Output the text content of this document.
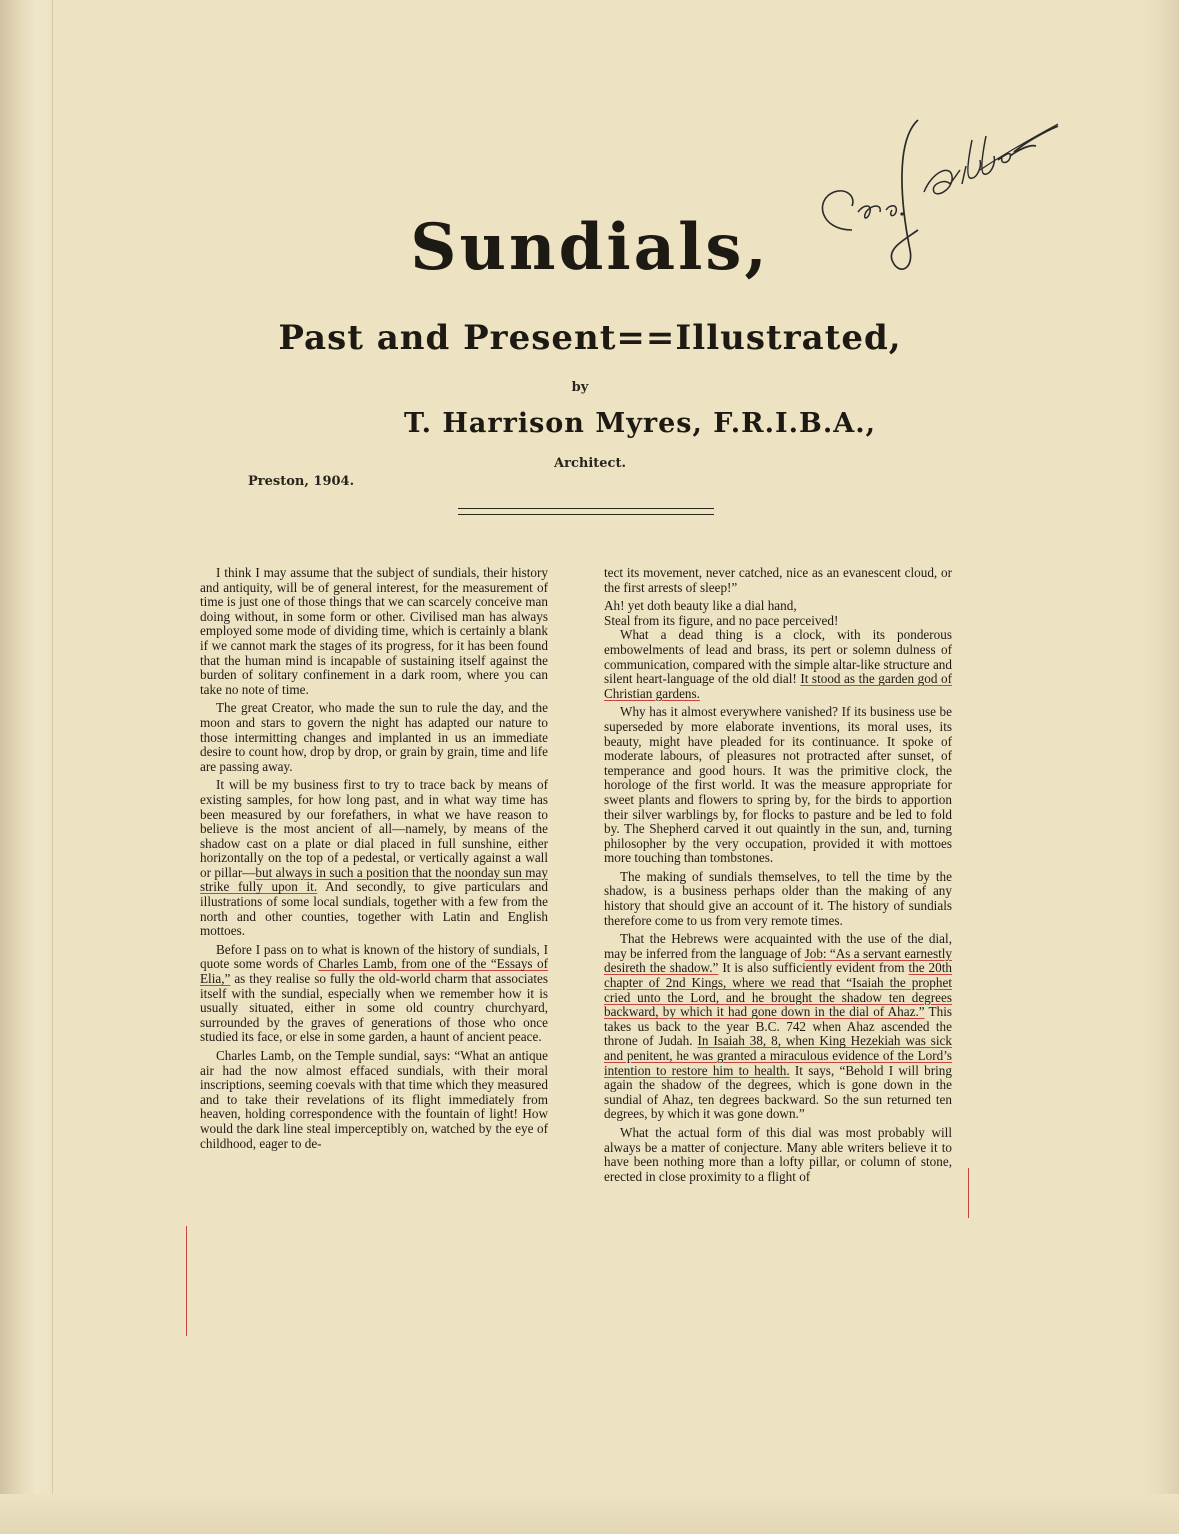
Sundials,
Past and Present==Illustrated,
by
T. Harrison Myres, F.R.I.B.A.,
Architect.
Preston, 1904.

I think I may assume that the subject of sundials, their history and antiquity, will be of general interest, for the measurement of time is just one of those things that we can scarcely conceive man doing without, in some form or other. Civilised man has always employed some mode of dividing time, which is certainly a blank if we cannot mark the stages of its progress, for it has been found that the human mind is incapable of sustaining itself against the burden of solitary confinement in a dark room, where you can take no note of time.

The great Creator, who made the sun to rule the day, and the moon and stars to govern the night has adapted our nature to those intermitting changes and implanted in us an immediate desire to count how, drop by drop, or grain by grain, time and life are passing away.

It will be my business first to try to trace back by means of existing samples, for how long past, and in what way time has been measured by our forefathers, in what we have reason to believe is the most ancient of all—namely, by means of the shadow cast on a plate or dial placed in full sunshine, either horizontally on the top of a pedestal, or vertically against a wall or pillar—but always in such a position that the noonday sun may strike fully upon it. And secondly, to give particulars and illustrations of some local sundials, together with a few from the north and other counties, together with Latin and English mottoes.

Before I pass on to what is known of the history of sundials, I quote some words of Charles Lamb, from one of the “Essays of Elia,” as they realise so fully the old-world charm that associates itself with the sundial, especially when we remember how it is usually situated, either in some old country churchyard, surrounded by the graves of generations of those who once studied its face, or else in some garden, a haunt of ancient peace.

Charles Lamb, on the Temple sundial, says: “What an antique air had the now almost effaced sundials, with their moral inscriptions, seeming coevals with that time which they measured and to take their revelations of its flight immediately from heaven, holding correspondence with the fountain of light! How would the dark line steal imperceptibly on, watched by the eye of childhood, eager to de-

tect its movement, never catched, nice as an evanescent cloud, or the first arrests of sleep!”

Ah! yet doth beauty like a dial hand,

Steal from its figure, and no pace perceived!

What a dead thing is a clock, with its ponderous embowelments of lead and brass, its pert or solemn dulness of communication, compared with the simple altar-like structure and silent heart-language of the old dial! It stood as the garden god of Christian gardens.

Why has it almost everywhere vanished? If its business use be superseded by more elaborate inventions, its moral uses, its beauty, might have pleaded for its continuance. It spoke of moderate labours, of pleasures not protracted after sunset, of temperance and good hours. It was the primitive clock, the horologe of the first world. It was the measure appropriate for sweet plants and flowers to spring by, for the birds to apportion their silver warblings by, for flocks to pasture and be led to fold by. The Shepherd carved it out quaintly in the sun, and, turning philosopher by the very occupation, provided it with mottoes more touching than tombstones.

The making of sundials themselves, to tell the time by the shadow, is a business perhaps older than the making of any history that should give an account of it. The history of sundials therefore come to us from very remote times.

That the Hebrews were acquainted with the use of the dial, may be inferred from the language of Job: “As a servant earnestly desireth the shadow.” It is also sufficiently evident from the 20th chapter of 2nd Kings, where we read that “Isaiah the prophet cried unto the Lord, and he brought the shadow ten degrees backward, by which it had gone down in the dial of Ahaz.” This takes us back to the year B.C. 742 when Ahaz ascended the throne of Judah. In Isaiah 38, 8, when King Hezekiah was sick and penitent, he was granted a miraculous evidence of the Lord’s intention to restore him to health. It says, “Behold I will bring again the shadow of the degrees, which is gone down in the sundial of Ahaz, ten degrees backward. So the sun returned ten degrees, by which it was gone down.”

What the actual form of this dial was most probably will always be a matter of conjecture. Many able writers believe it to have been nothing more than a lofty pillar, or column of stone, erected in close proximity to a flight of
